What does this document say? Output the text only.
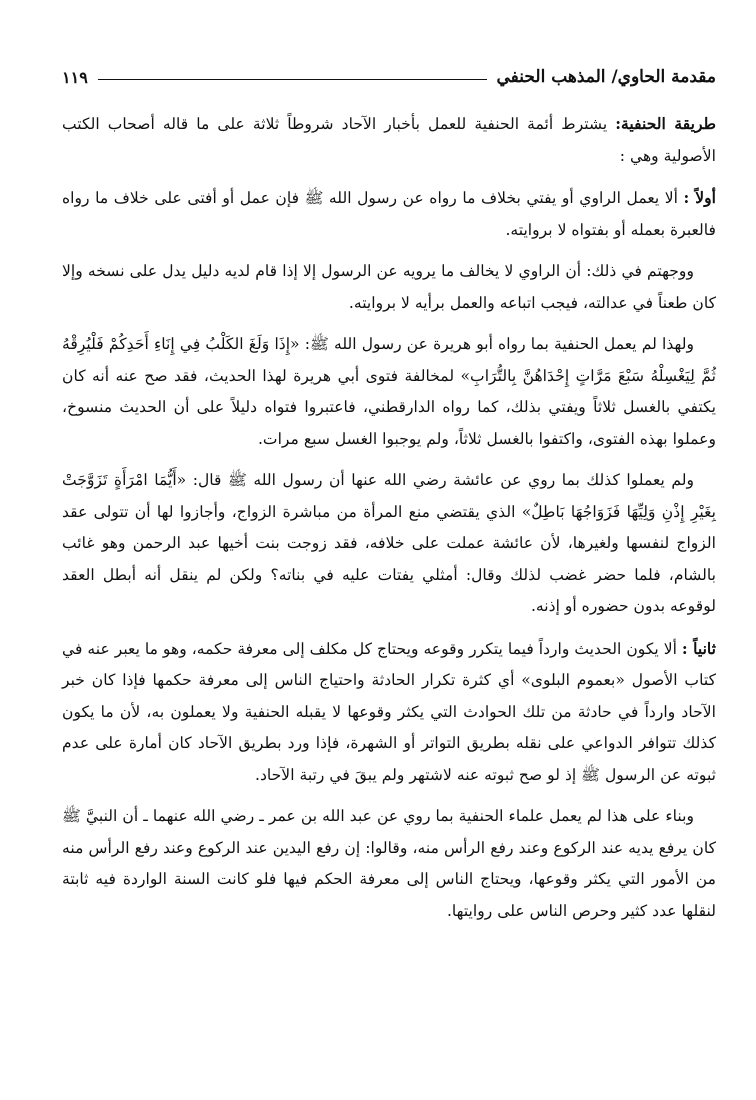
مقدمة الحاوي/ المذهب الحنفي
١١٩

طريقة الحنفية: يشترط أئمة الحنفية للعمل بأخبار الآحاد شروطاً ثلاثة على ما قاله أصحاب الكتب الأصولية وهي :

أولاً : ألا يعمل الراوي أو يفتي بخلاف ما رواه عن رسول الله ﷺ فإن عمل أو أفتى على خلاف ما رواه فالعبرة بعمله أو بفتواه لا بروايته.

ووجهتم في ذلك: أن الراوي لا يخالف ما يرويه عن الرسول إلا إذا قام لديه دليل يدل على نسخه وإلا كان طعناً في عدالته، فيجب اتباعه والعمل برأيه لا بروايته.

ولهذا لم يعمل الحنفية بما رواه أبو هريرة عن رسول الله ﷺ: «إِذَا وَلَغَ الكَلْبُ فِي إِنَاءِ أَحَدِكُمْ فَلْيُرِقْهُ ثُمَّ لِيَغْسِلْهُ سَبْعَ مَرَّاتٍ إِحْدَاهُنَّ بِالتُّرَابِ» لمخالفة فتوى أبي هريرة لهذا الحديث، فقد صح عنه أنه كان يكتفي بالغسل ثلاثاً ويفتي بذلك، كما رواه الدارقطني، فاعتبروا فتواه دليلاً على أن الحديث منسوخ، وعملوا بهذه الفتوى، واكتفوا بالغسل ثلاثاً، ولم يوجبوا الغسل سبع مرات.

ولم يعملوا كذلك بما روي عن عائشة رضي الله عنها أن رسول الله ﷺ قال: «أَيُّمَا امْرَأَةٍ تَزَوَّجَتْ بِغَيْرِ إِذْنِ وَلِيِّهَا فَزَوَاجُهَا بَاطِلٌ» الذي يقتضي منع المرأة من مباشرة الزواج، وأجازوا لها أن تتولى عقد الزواج لنفسها ولغيرها، لأن عائشة عملت على خلافه، فقد زوجت بنت أخيها عبد الرحمن وهو غائب بالشام، فلما حضر غضب لذلك وقال: أمثلي يفتات عليه في بناته؟ ولكن لم ينقل أنه أبطل العقد لوقوعه بدون حضوره أو إذنه.

ثانياً : ألا يكون الحديث وارداً فيما يتكرر وقوعه ويحتاج كل مكلف إلى معرفة حكمه، وهو ما يعبر عنه في كتاب الأصول «بعموم البلوى» أي كثرة تكرار الحادثة واحتياج الناس إلى معرفة حكمها فإذا كان خبر الآحاد وارداً في حادثة من تلك الحوادث التي يكثر وقوعها لا يقبله الحنفية ولا يعملون به، لأن ما يكون كذلك تتوافر الدواعي على نقله بطريق التواتر أو الشهرة، فإذا ورد بطريق الآحاد كان أمارة على عدم ثبوته عن الرسول ﷺ إذ لو صح ثبوته عنه لاشتهر ولم يبقَ في رتبة الآحاد.

وبناء على هذا لم يعمل علماء الحنفية بما روي عن عبد الله بن عمر ـ رضي الله عنهما ـ أن النبيَّ ﷺ كان يرفع يديه عند الركوع وعند رفع الرأس منه، وقالوا: إن رفع اليدين عند الركوع وعند رفع الرأس منه من الأمور التي يكثر وقوعها، ويحتاج الناس إلى معرفة الحكم فيها فلو كانت السنة الواردة فيه ثابتة لنقلها عدد كثير وحرص الناس على روايتها.
